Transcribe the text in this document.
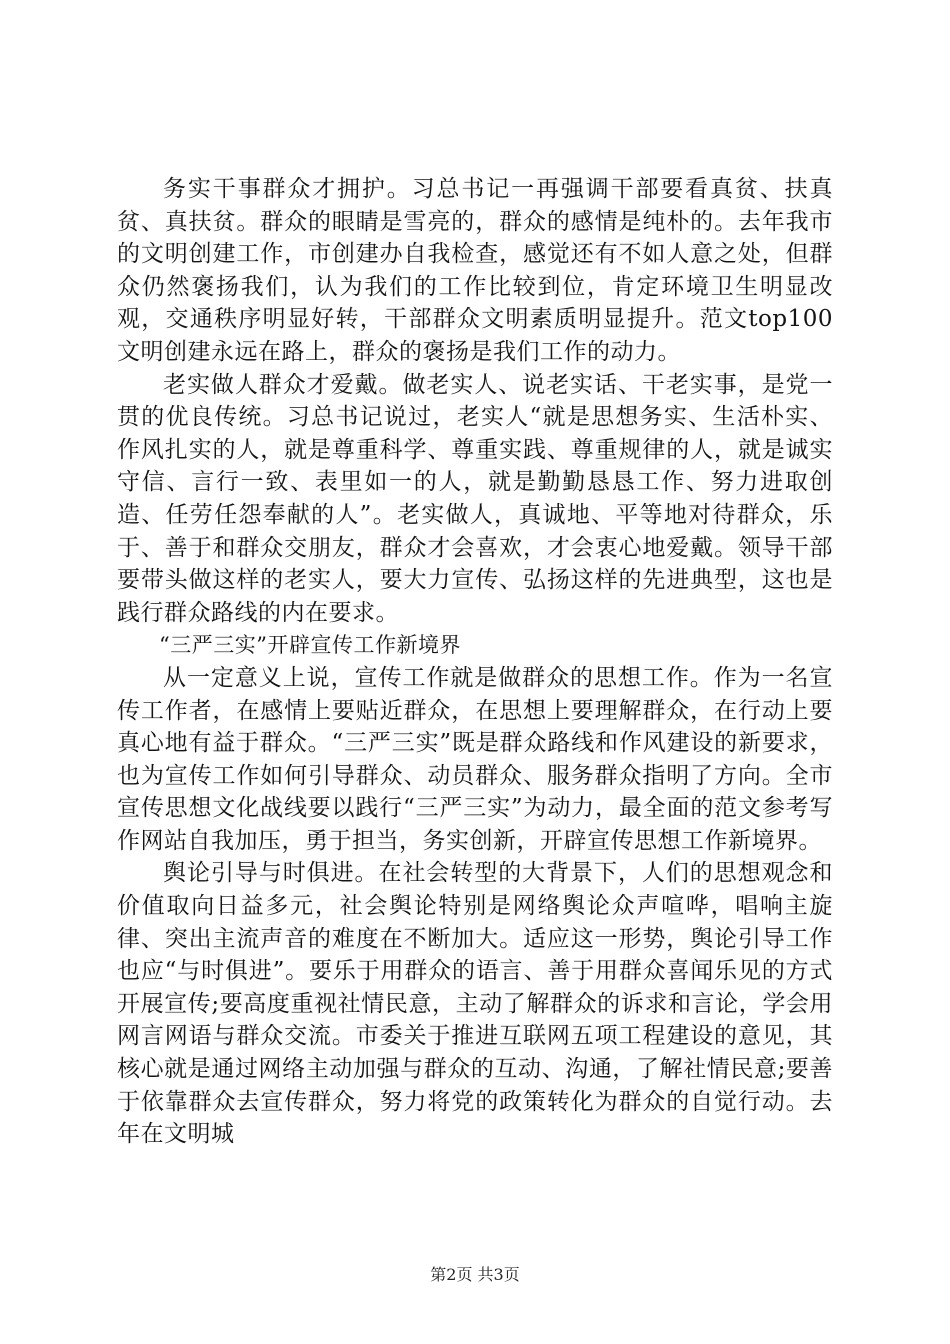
务实干事群众才拥护。习总书记一再强调干部要看真贫、扶真贫、真扶贫。群众的眼睛是雪亮的，群众的感情是纯朴的。去年我市的文明创建工作，市创建办自我检查，感觉还有不如人意之处，但群众仍然褒扬我们，认为我们的工作比较到位，肯定环境卫生明显改观，交通秩序明显好转，干部群众文明素质明显提升。范文top100文明创建永远在路上，群众的褒扬是我们工作的动力。

老实做人群众才爱戴。做老实人、说老实话、干老实事，是党一贯的优良传统。习总书记说过，老实人“就是思想务实、生活朴实、作风扎实的人，就是尊重科学、尊重实践、尊重规律的人，就是诚实守信、言行一致、表里如一的人，就是勤勤恳恳工作、努力进取创造、任劳任怨奉献的人”。老实做人，真诚地、平等地对待群众，乐于、善于和群众交朋友，群众才会喜欢，才会衷心地爱戴。领导干部要带头做这样的老实人，要大力宣传、弘扬这样的先进典型，这也是践行群众路线的内在要求。

“三严三实”开辟宣传工作新境界

从一定意义上说，宣传工作就是做群众的思想工作。作为一名宣传工作者，在感情上要贴近群众，在思想上要理解群众，在行动上要真心地有益于群众。“三严三实”既是群众路线和作风建设的新要求，也为宣传工作如何引导群众、动员群众、服务群众指明了方向。全市宣传思想文化战线要以践行“三严三实”为动力，最全面的范文参考写作网站自我加压，勇于担当，务实创新，开辟宣传思想工作新境界。

舆论引导与时俱进。在社会转型的大背景下，人们的思想观念和价值取向日益多元，社会舆论特别是网络舆论众声喧哗，唱响主旋律、突出主流声音的难度在不断加大。适应这一形势，舆论引导工作也应“与时俱进”。要乐于用群众的语言、善于用群众喜闻乐见的方式开展宣传;要高度重视社情民意，主动了解群众的诉求和言论，学会用网言网语与群众交流。市委关于推进互联网五项工程建设的意见，其核心就是通过网络主动加强与群众的互动、沟通，了解社情民意;要善于依靠群众去宣传群众，努力将党的政策转化为群众的自觉行动。去年在文明城

第2页 共3页
